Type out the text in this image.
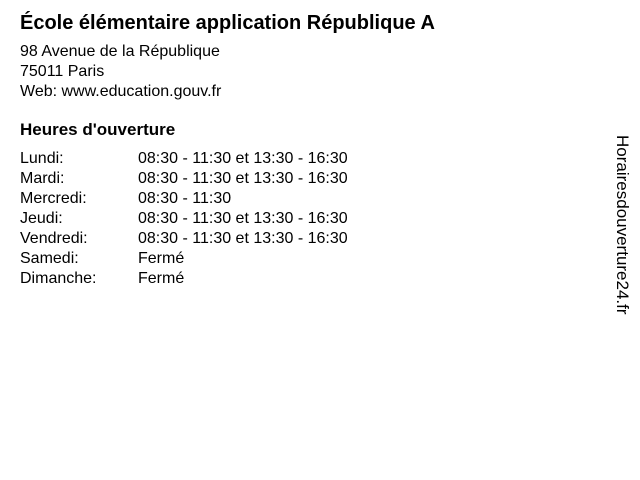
École élémentaire application République A
98 Avenue de la République
75011 Paris
Web: www.education.gouv.fr
Heures d'ouverture
Lundi:	08:30 - 11:30 et 13:30 - 16:30
Mardi:	08:30 - 11:30 et 13:30 - 16:30
Mercredi:	08:30 - 11:30
Jeudi:	08:30 - 11:30 et 13:30 - 16:30
Vendredi:	08:30 - 11:30 et 13:30 - 16:30
Samedi:	Fermé
Dimanche:	Fermé	Horairesdouverture24.fr
